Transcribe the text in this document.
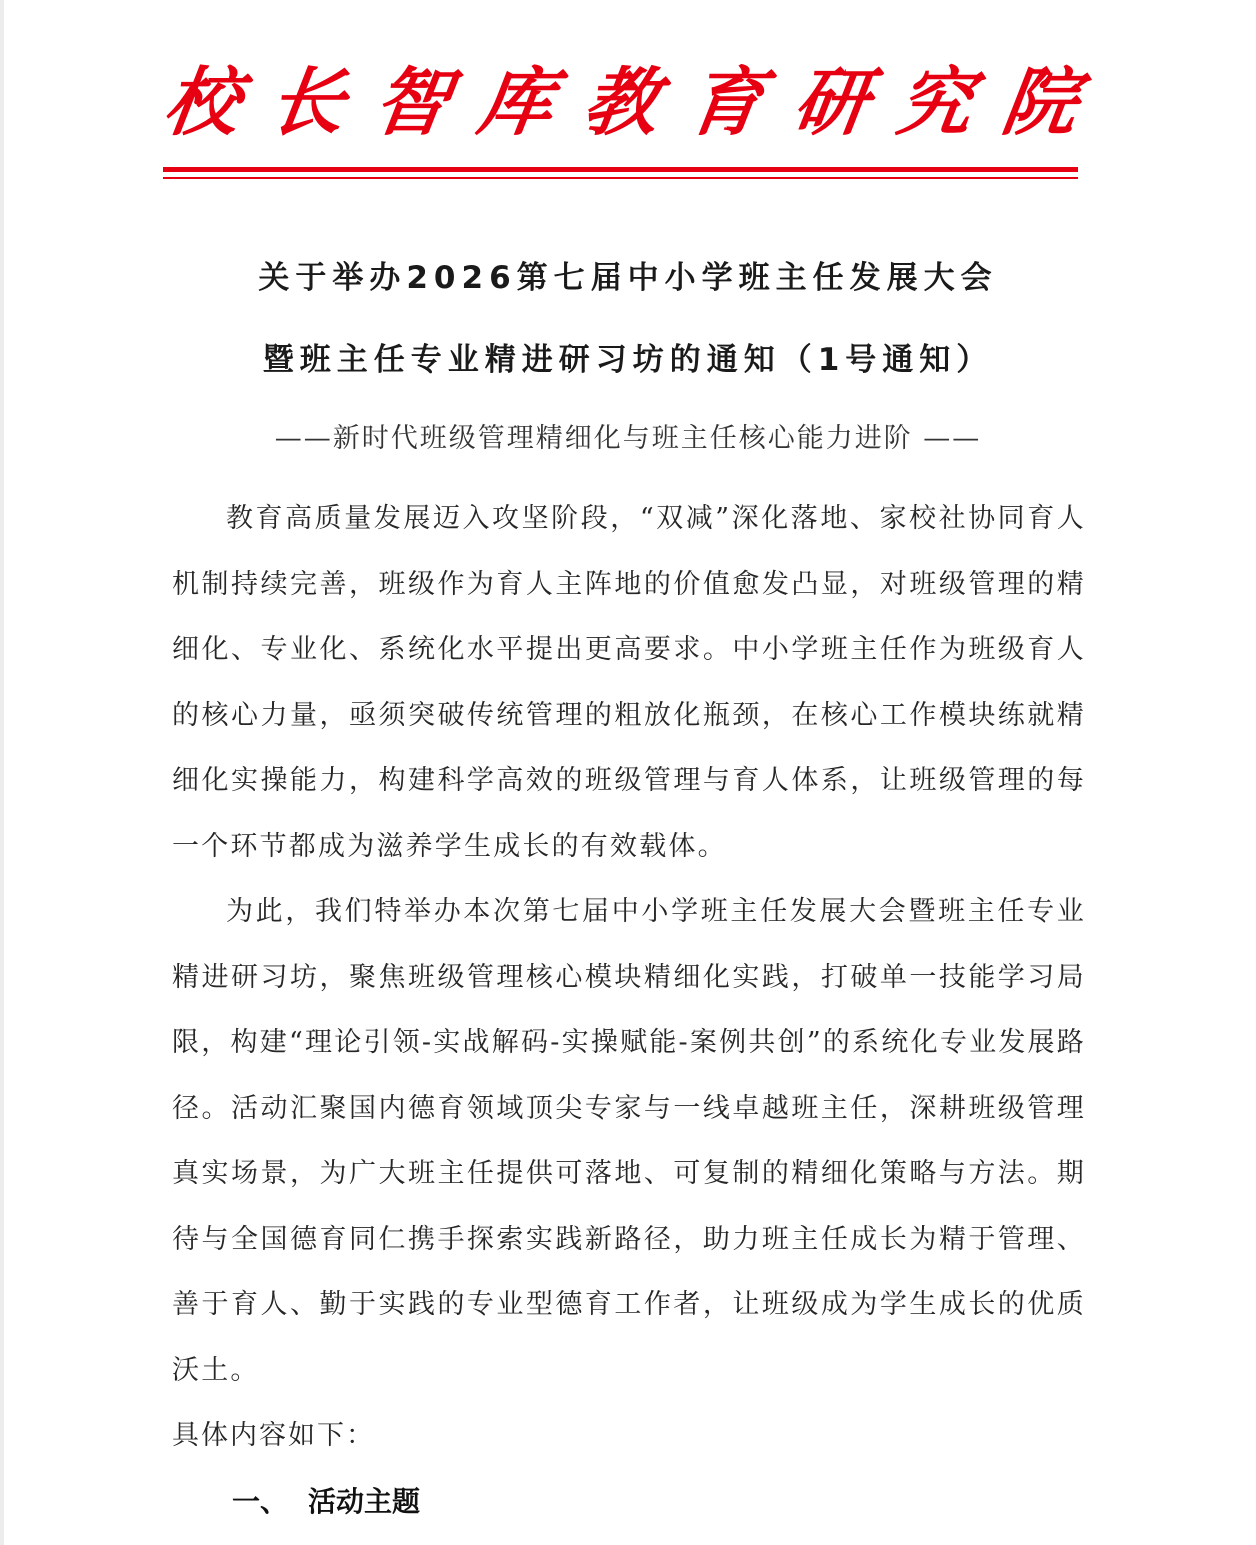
校 长 智 库 教 育 研 究 院
关于举办2026第七届中小学班主任发展大会
暨班主任专业精进研习坊的通知（1号通知）
——新时代班级管理精细化与班主任核心能力进阶 ——

教育高质量发展迈入攻坚阶段，“双减”深化落地、家校社协同育人机制持续完善，班级作为育人主阵地的价值愈发凸显，对班级管理的精细化、专业化、系统化水平提出更高要求。中小学班主任作为班级育人的核心力量，亟须突破传统管理的粗放化瓶颈，在核心工作模块练就精细化实操能力，构建科学高效的班级管理与育人体系，让班级管理的每一个环节都成为滋养学生成长的有效载体。

为此，我们特举办本次第七届中小学班主任发展大会暨班主任专业精进研习坊，聚焦班级管理核心模块精细化实践，打破单一技能学习局限，构建“理论引领-实战解码-实操赋能-案例共创”的系统化专业发展路径。活动汇聚国内德育领域顶尖专家与一线卓越班主任，深耕班级管理真实场景，为广大班主任提供可落地、可复制的精细化策略与方法。期待与全国德育同仁携手探索实践新路径，助力班主任成长为精于管理、善于育人、勤于实践的专业型德育工作者，让班级成为学生成长的优质沃土。

具体内容如下：

一、 活动主题
